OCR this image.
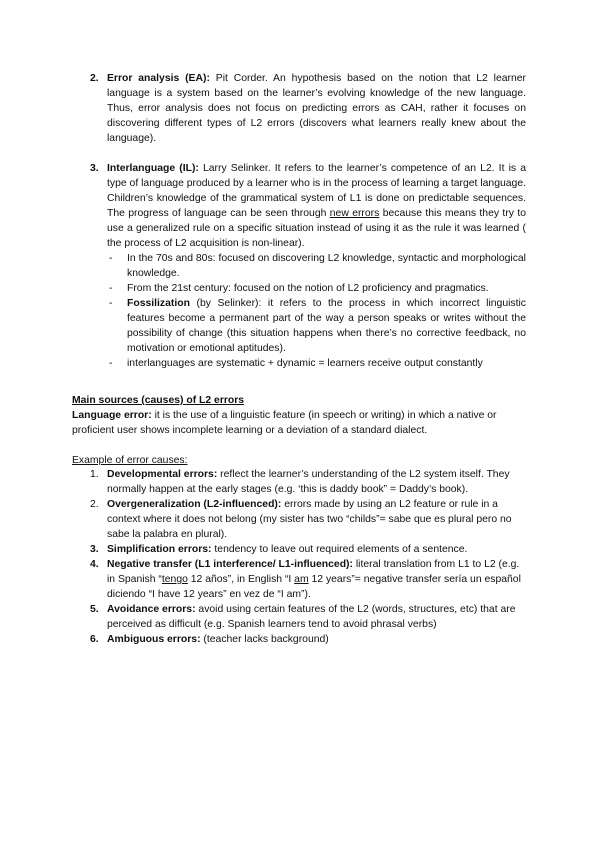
2. Error analysis (EA): Pit Corder. An hypothesis based on the notion that L2 learner language is a system based on the learner’s evolving knowledge of the new language. Thus, error analysis does not focus on predicting errors as CAH, rather it focuses on discovering different types of L2 errors (discovers what learners really knew about the language).

3. Interlanguage (IL): Larry Selinker. It refers to the learner’s competence of an L2. It is a type of language produced by a learner who is in the process of learning a target language. Children’s knowledge of the grammatical system of L1 is done on predictable sequences. The progress of language can be seen through new errors because this means they try to use a generalized rule on a specific situation instead of using it as the rule it was learned ( the process of L2 acquisition is non-linear).

- In the 70s and 80s: focused on discovering L2 knowledge, syntactic and morphological knowledge.
- From the 21st century: focused on the notion of L2 proficiency and pragmatics.
- Fossilization (by Selinker): it refers to the process in which incorrect linguistic features become a permanent part of the way a person speaks or writes without the possibility of change (this situation happens when there’s no corrective feedback, no motivation or emotional aptitudes).
- interlanguages are systematic + dynamic = learners receive output constantly
Main sources (causes) of L2 errors

Language error: it is the use of a linguistic feature (in speech or writing) in which a native or proficient user shows incomplete learning or a deviation of a standard dialect.

Example of error causes:
1. Developmental errors: reflect the learner’s understanding of the L2 system itself. They normally happen at the early stages (e.g. ‘this is daddy book” = Daddy’s book).

2. Overgeneralization (L2-influenced): errors made by using an L2 feature or rule in a context where it does not belong (my sister has two “childs”= sabe que es plural pero no sabe la palabra en plural).

3. Simplification errors: tendency to leave out required elements of a sentence.

4. Negative transfer (L1 interference/ L1-influenced): literal translation from L1 to L2 (e.g. in Spanish “tengo 12 años”, in English “I am 12 years”= negative transfer sería un español diciendo “I have 12 years” en vez de “I am”).

5. Avoidance errors: avoid using certain features of the L2 (words, structures, etc) that are perceived as difficult (e.g. Spanish learners tend to avoid phrasal verbs)

6. Ambiguous errors: (teacher lacks background)
